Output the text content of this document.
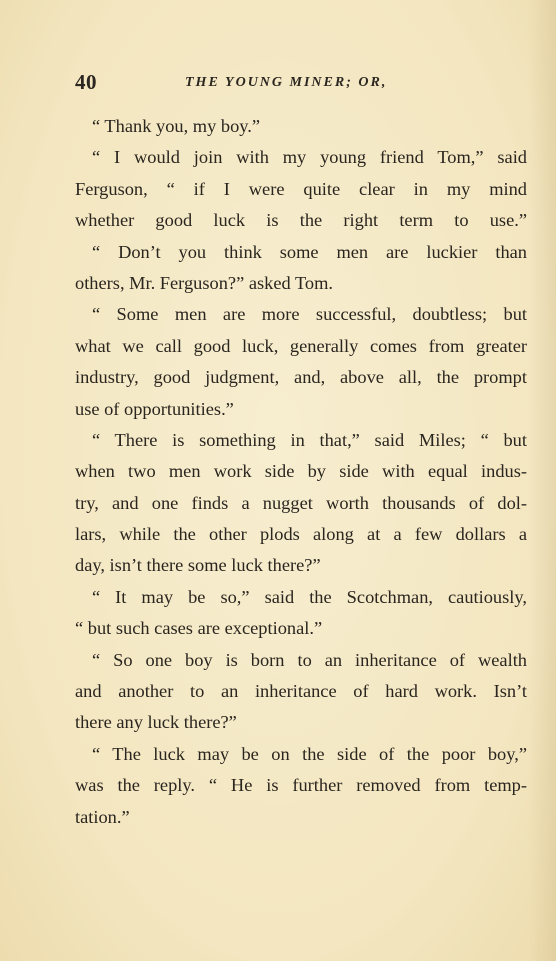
40	THE YOUNG MINER; OR,
“ Thank you, my boy.”
“ I would join with my young friend Tom,” said
Ferguson, “ if I were quite clear in my mind
whether good luck is the right term to use.”
“ Don’t you think some men are luckier than
others, Mr. Ferguson?” asked Tom.
“ Some men are more successful, doubtless; but
what we call good luck, generally comes from greater
industry, good judgment, and, above all, the prompt
use of opportunities.”
“ There is something in that,” said Miles; “ but
when two men work side by side with equal indus-
try, and one finds a nugget worth thousands of dol-
lars, while the other plods along at a few dollars a
day, isn’t there some luck there?”
“ It may be so,” said the Scotchman, cautiously,
“ but such cases are exceptional.”
“ So one boy is born to an inheritance of wealth
and another to an inheritance of hard work. Isn’t
there any luck there?”
“ The luck may be on the side of the poor boy,”
was the reply. “ He is further removed from temp-
tation.”
